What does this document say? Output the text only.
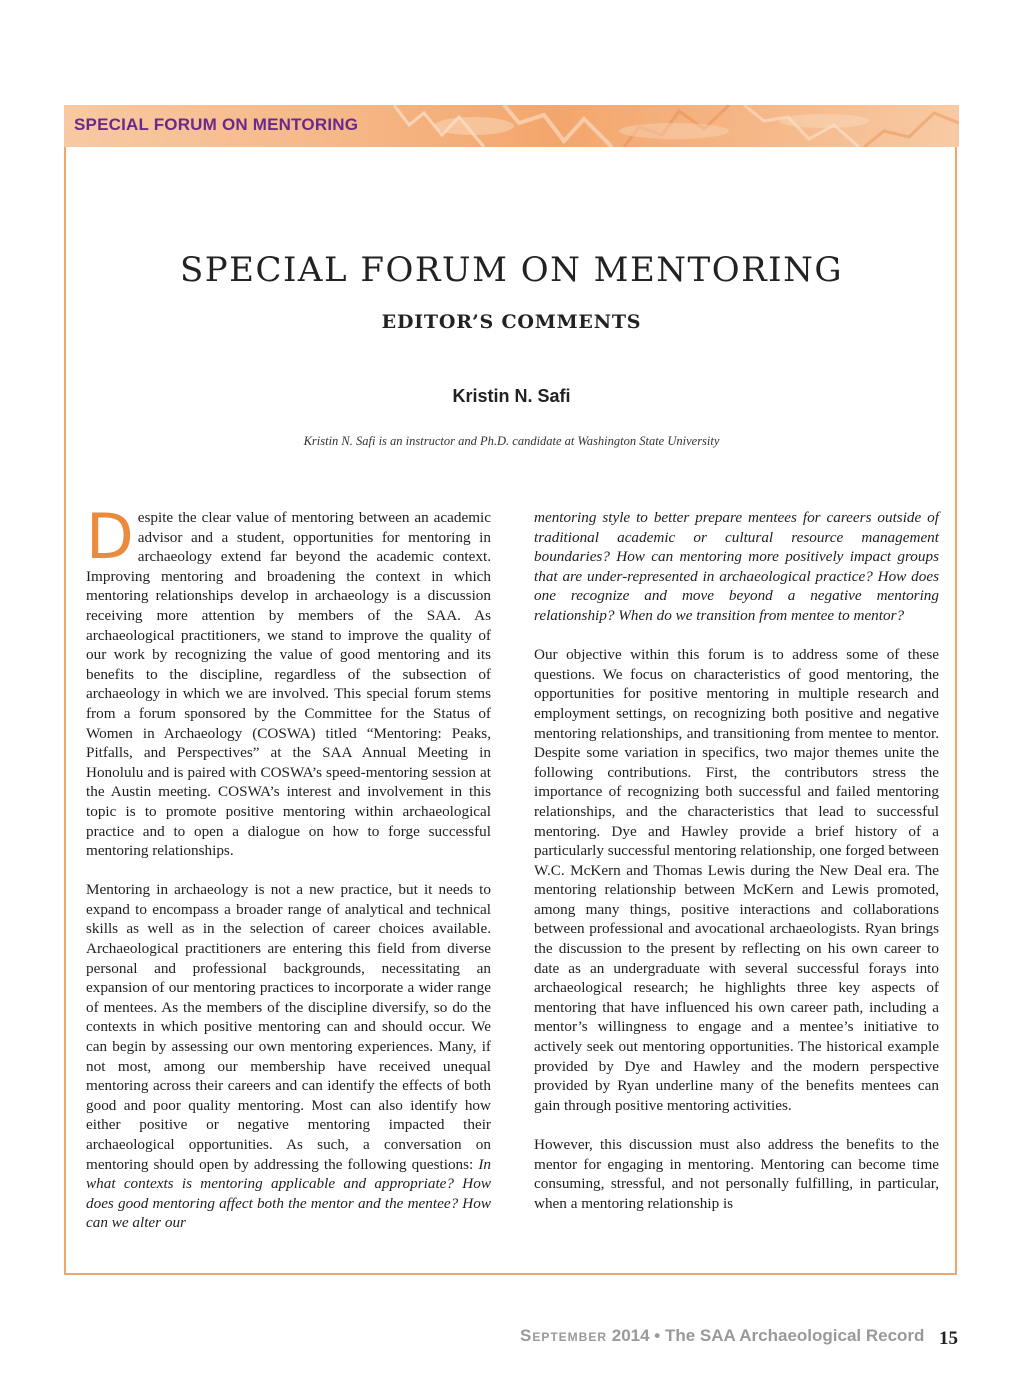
SPECIAL FORUM ON MENTORING
SPECIAL FORUM ON MENTORING
EDITOR’S COMMENTS
Kristin N. Safi
Kristin N. Safi is an instructor and Ph.D. candidate at Washington State University

Despite the clear value of mentoring between an academic advisor and a student, opportunities for mentoring in archaeology extend far beyond the academic context. Improving mentoring and broadening the context in which mentoring relationships develop in archaeology is a discussion receiving more attention by members of the SAA. As archaeological practitioners, we stand to improve the quality of our work by recognizing the value of good mentoring and its benefits to the discipline, regardless of the subsection of archaeology in which we are involved. This special forum stems from a forum sponsored by the Committee for the Status of Women in Archaeology (COSWA) titled “Mentoring: Peaks, Pitfalls, and Perspectives” at the SAA Annual Meeting in Honolulu and is paired with COSWA’s speed-mentoring session at the Austin meeting. COSWA’s interest and involvement in this topic is to promote positive mentoring within archaeological practice and to open a dialogue on how to forge successful mentoring relationships.

Mentoring in archaeology is not a new practice, but it needs to expand to encompass a broader range of analytical and technical skills as well as in the selection of career choices available. Archaeological practitioners are entering this field from diverse personal and professional backgrounds, necessitating an expansion of our mentoring practices to incorporate a wider range of mentees. As the members of the discipline diversify, so do the contexts in which positive mentoring can and should occur. We can begin by assessing our own mentoring experiences. Many, if not most, among our membership have received unequal mentoring across their careers and can identify the effects of both good and poor quality mentoring. Most can also identify how either positive or negative mentoring impacted their archaeological opportunities. As such, a conversation on mentoring should open by addressing the following questions: In what contexts is mentoring applicable and appropriate? How does good mentoring affect both the mentor and the mentee? How can we alter our

mentoring style to better prepare mentees for careers outside of traditional academic or cultural resource management boundaries? How can mentoring more positively impact groups that are under-represented in archaeological practice? How does one recognize and move beyond a negative mentoring relationship? When do we transition from mentee to mentor?

Our objective within this forum is to address some of these questions. We focus on characteristics of good mentoring, the opportunities for positive mentoring in multiple research and employment settings, on recognizing both positive and negative mentoring relationships, and transitioning from mentee to mentor. Despite some variation in specifics, two major themes unite the following contributions. First, the contributors stress the importance of recognizing both successful and failed mentoring relationships, and the characteristics that lead to successful mentoring. Dye and Hawley provide a brief history of a particularly successful mentoring relationship, one forged between W.C. McKern and Thomas Lewis during the New Deal era. The mentoring relationship between McKern and Lewis promoted, among many things, positive interactions and collaborations between professional and avocational archaeologists. Ryan brings the discussion to the present by reflecting on his own career to date as an undergraduate with several successful forays into archaeological research; he highlights three key aspects of mentoring that have influenced his own career path, including a mentor’s willingness to engage and a mentee’s initiative to actively seek out mentoring opportunities. The historical example provided by Dye and Hawley and the modern perspective provided by Ryan underline many of the benefits mentees can gain through positive mentoring activities.

However, this discussion must also address the benefits to the mentor for engaging in mentoring. Mentoring can become time consuming, stressful, and not personally fulfilling, in particular, when a mentoring relationship is

September 2014 • The SAA Archaeological Record 15
